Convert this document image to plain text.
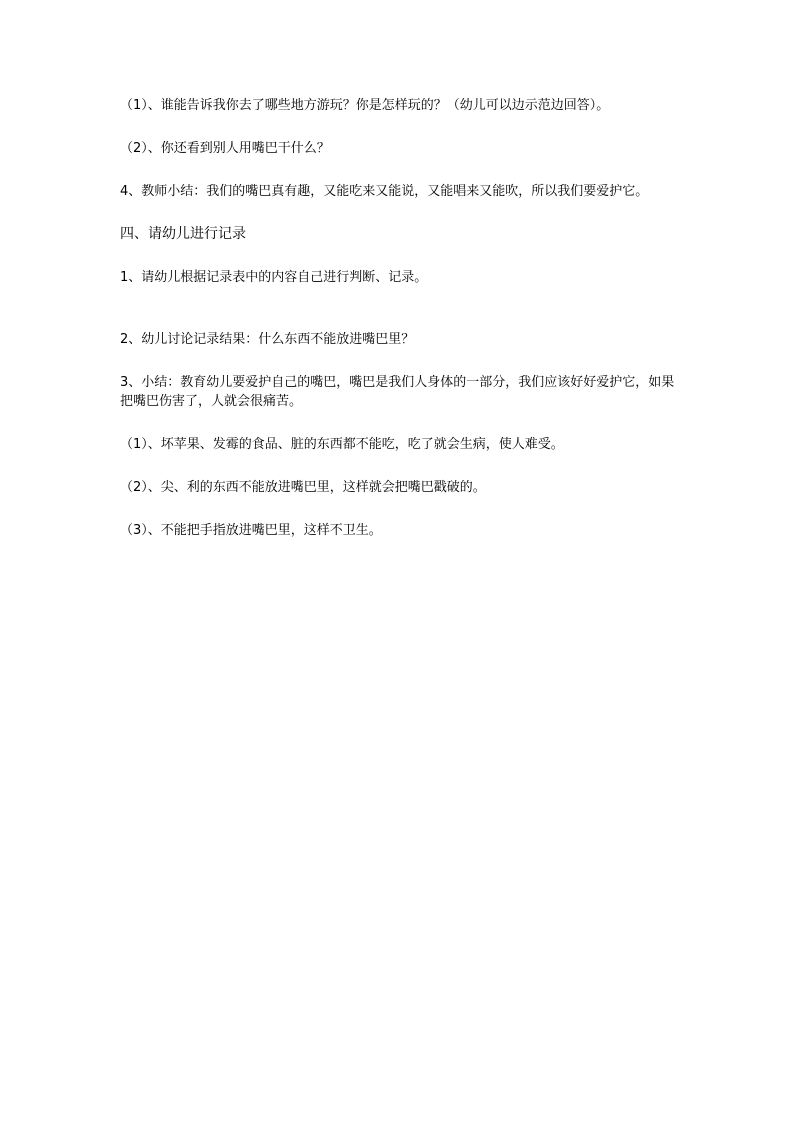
（1）、谁能告诉我你去了哪些地方游玩？你是怎样玩的？（幼儿可以边示范边回答）。

（2）、你还看到别人用嘴巴干什么？

4、教师小结：我们的嘴巴真有趣，又能吃来又能说，又能唱来又能吹，所以我们要爱护它。

四、请幼儿进行记录

1、请幼儿根据记录表中的内容自己进行判断、记录。

2、幼儿讨论记录结果：什么东西不能放进嘴巴里？

3、小结：教育幼儿要爱护自己的嘴巴，嘴巴是我们人身体的一部分，我们应该好好爱护它，如果把嘴巴伤害了，人就会很痛苦。

（1）、坏苹果、发霉的食品、脏的东西都不能吃，吃了就会生病，使人难受。

（2）、尖、利的东西不能放进嘴巴里，这样就会把嘴巴戳破的。

（3）、不能把手指放进嘴巴里，这样不卫生。
